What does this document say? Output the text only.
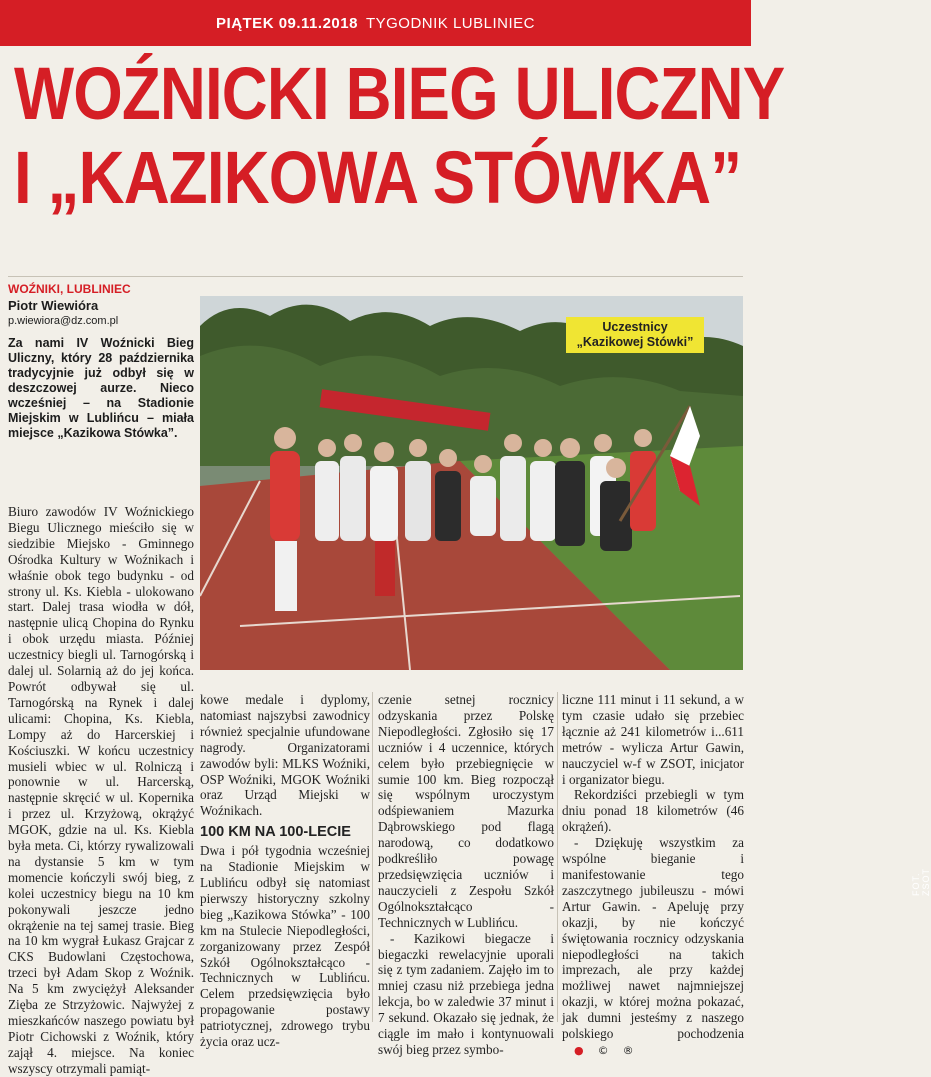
PIĄTEK 09.11.2018 TYGODNIK LUBLINIEC
WOŹNICKI BIEG ULICZNY
I „KAZIKOWA STÓWKA”
WOŹNIKI, LUBLINIEC
Piotr Wiewióra
p.wiewiora@dz.com.pl
Za nami IV Woźnicki Bieg Uliczny, który 28 października tradycyjnie już odbył się w deszczowej aurze. Nieco wcześniej – na Stadionie Miejskim w Lublińcu – miała miejsce „Kazikowa Stówka”.
FOT. ZSOT
Uczestnicy
„Kazikowej Stówki”

Biuro zawodów IV Woźnickiego Biegu Ulicznego mieściło się w siedzibie Miejsko - Gminnego Ośrodka Kultury w Woźnikach i właśnie obok tego budynku - od strony ul. Ks. Kiebla - ulokowano start. Dalej trasa wiodła w dół, następnie ulicą Chopina do Rynku i obok urzędu miasta. Później uczestnicy biegli ul. Tarnogórską i dalej ul. Solarnią aż do jej końca. Powrót odbywał się ul. Tarnogórską na Rynek i dalej ulicami: Chopina, Ks. Kiebla, Lompy aż do Harcerskiej i Kościuszki. W końcu uczestnicy musieli wbiec w ul. Rolniczą i ponownie w ul. Harcerską, następnie skręcić w ul. Kopernika i przez ul. Krzyżową, okrążyć MGOK, gdzie na ul. Ks. Kiebla była meta. Ci, którzy rywalizowali na dystansie 5 km w tym momencie kończyli swój bieg, z kolei uczestnicy biegu na 10 km pokonywali jeszcze jedno okrążenie na tej samej trasie. Bieg na 10 km wygrał Łukasz Grajcar z CKS Budowlani Częstochowa, trzeci był Adam Skop z Woźnik. Na 5 km zwyciężył Aleksander Zięba ze Strzyżowic. Najwyżej z mieszkańców naszego powiatu był Piotr Cichowski z Woźnik, który zajął 4. miejsce. Na koniec wszyscy otrzymali pamiąt-

kowe medale i dyplomy, natomiast najszybsi zawodnicy również specjalnie ufundowane nagrody. Organizatorami zawodów byli: MLKS Woźniki, OSP Woźniki, MGOK Woźniki oraz Urząd Miejski w Woźnikach.

100 KM NA 100-LECIE

Dwa i pół tygodnia wcześniej na Stadionie Miejskim w Lublińcu odbył się natomiast pierwszy historyczny szkolny bieg „Kazikowa Stówka” - 100 km na Stulecie Niepodległości, zorganizowany przez Zespół Szkół Ogólnokształcąco - Technicznych w Lublińcu. Celem przedsięwzięcia było propagowanie postawy patriotycznej, zdrowego trybu życia oraz ucz-

czenie setnej rocznicy odzyskania przez Polskę Niepodległości. Zgłosiło się 17 uczniów i 4 uczennice, których celem było przebiegnięcie w sumie 100 km. Bieg rozpoczął się wspólnym uroczystym odśpiewaniem Mazurka Dąbrowskiego pod flagą narodową, co dodatkowo podkreśliło powagę przedsięwzięcia uczniów i nauczycieli z Zespołu Szkół Ogólnokształcąco - Technicznych w Lublińcu.

- Kazikowi biegacze i biegaczki rewelacyjnie uporali się z tym zadaniem. Zajęło im to mniej czasu niż przebiega jedna lekcja, bo w zaledwie 37 minut i 7 sekund. Okazało się jednak, że ciągle im mało i kontynuowali swój bieg przez symbo-

liczne 111 minut i 11 sekund, a w tym czasie udało się przebiec łącznie aż 241 kilometrów i...611 metrów - wylicza Artur Gawin, nauczyciel w-f w ZSOT, inicjator i organizator biegu.

Rekordziści przebiegli w tym dniu ponad 18 kilometrów (46 okrążeń).

- Dziękuję wszystkim za wspólne bieganie i manifestowanie tego zaszczytnego jubileuszu - mówi Artur Gawin. - Apeluję przy okazji, by nie kończyć świętowania rocznicy odzyskania niepodległości na takich imprezach, ale przy każdej możliwej nawet najmniejszej okazji, w której można pokazać, jak dumni jesteśmy z naszego polskiego pochodzenia
●	©	®
